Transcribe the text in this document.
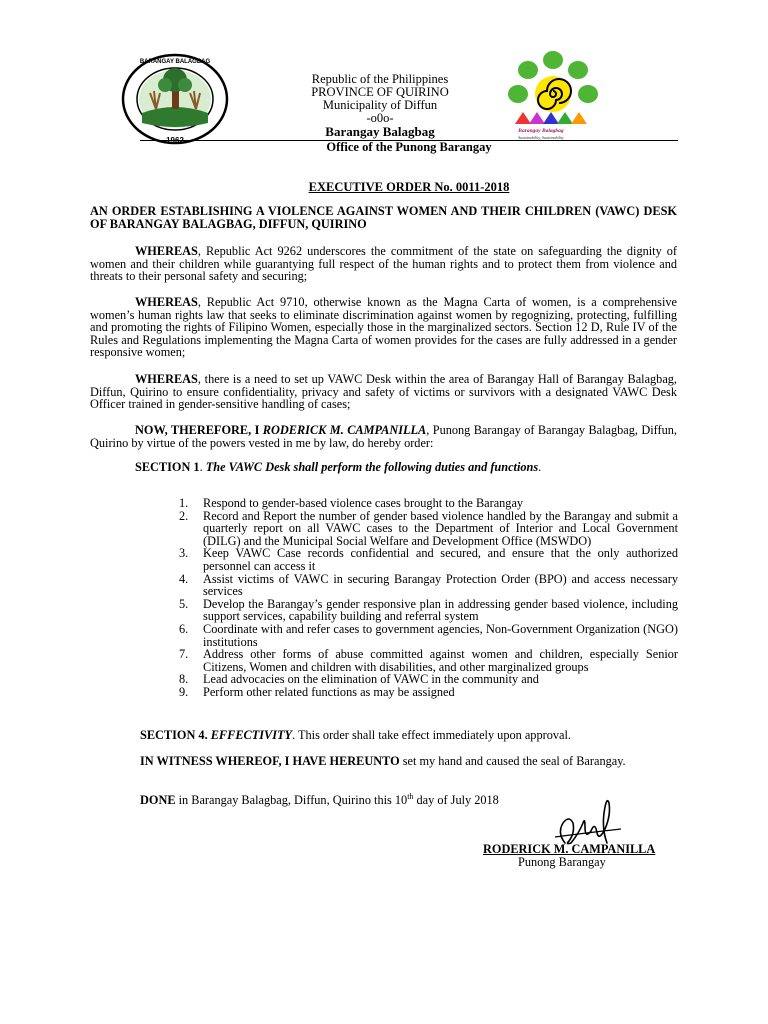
BARANGAY BALAGBAG
1962
Republic of the Philippines
PROVINCE OF QUIRINO
Municipality of Diffun
-o0o-
Barangay Balagbag	Barangay Balagbag
Sustainability, Sustainability
Office of the Punong Barangay
EXECUTIVE ORDER No. 0011-2018
AN ORDER ESTABLISHING A VIOLENCE AGAINST WOMEN AND THEIR CHILDREN (VAWC) DESK OF BARANGAY BALAGBAG, DIFFUN, QUIRINO

WHEREAS, Republic Act 9262 underscores the commitment of the state on safeguarding the dignity of women and their children while guarantying full respect of the human rights and to protect them from violence and threats to their personal safety and securing;

WHEREAS, Republic Act 9710, otherwise known as the Magna Carta of women, is a comprehensive women’s human rights law that seeks to eliminate discrimination against women by regognizing, protecting, fulfilling and promoting the rights of Filipino Women, especially those in the marginalized sectors. Section 12 D, Rule IV of the Rules and Regulations implementing the Magna Carta of women provides for the cases are fully addressed in a gender responsive women;

WHEREAS, there is a need to set up VAWC Desk within the area of Barangay Hall of Barangay Balagbag, Diffun, Quirino to ensure confidentiality, privacy and safety of victims or survivors with a designated VAWC Desk Officer trained in gender-sensitive handling of cases;

NOW, THEREFORE, I RODERICK M. CAMPANILLA, Punong Barangay of Barangay Balagbag, Diffun, Quirino by virtue of the powers vested in me by law, do hereby order:

SECTION 1. The VAWC Desk shall perform the following duties and functions.
1. Respond to gender-based violence cases brought to the Barangay
2. Record and Report the number of gender based violence handled by the Barangay and submit a quarterly report on all VAWC cases to the Department of Interior and Local Government (DILG) and the Municipal Social Welfare and Development Office (MSWDO)
3. Keep VAWC Case records confidential and secured, and ensure that the only authorized personnel can access it
4. Assist victims of VAWC in securing Barangay Protection Order (BPO) and access necessary services
5. Develop the Barangay’s gender responsive plan in addressing gender based violence, including support services, capability building and referral system
6. Coordinate with and refer cases to government agencies, Non-Government Organization (NGO) institutions
7. Address other forms of abuse committed against women and children, especially Senior Citizens, Women and children with disabilities, and other marginalized groups
8. Lead advocacies on the elimination of VAWC in the community and
9. Perform other related functions as may be assigned
SECTION 4. EFFECTIVITY. This order shall take effect immediately upon approval.
IN WITNESS WHEREOF, I HAVE HEREUNTO set my hand and caused the seal of Barangay.
DONE in Barangay Balagbag, Diffun, Quirino this 10th day of July 2018
RODERICK M. CAMPANILLA
Punong Barangay
